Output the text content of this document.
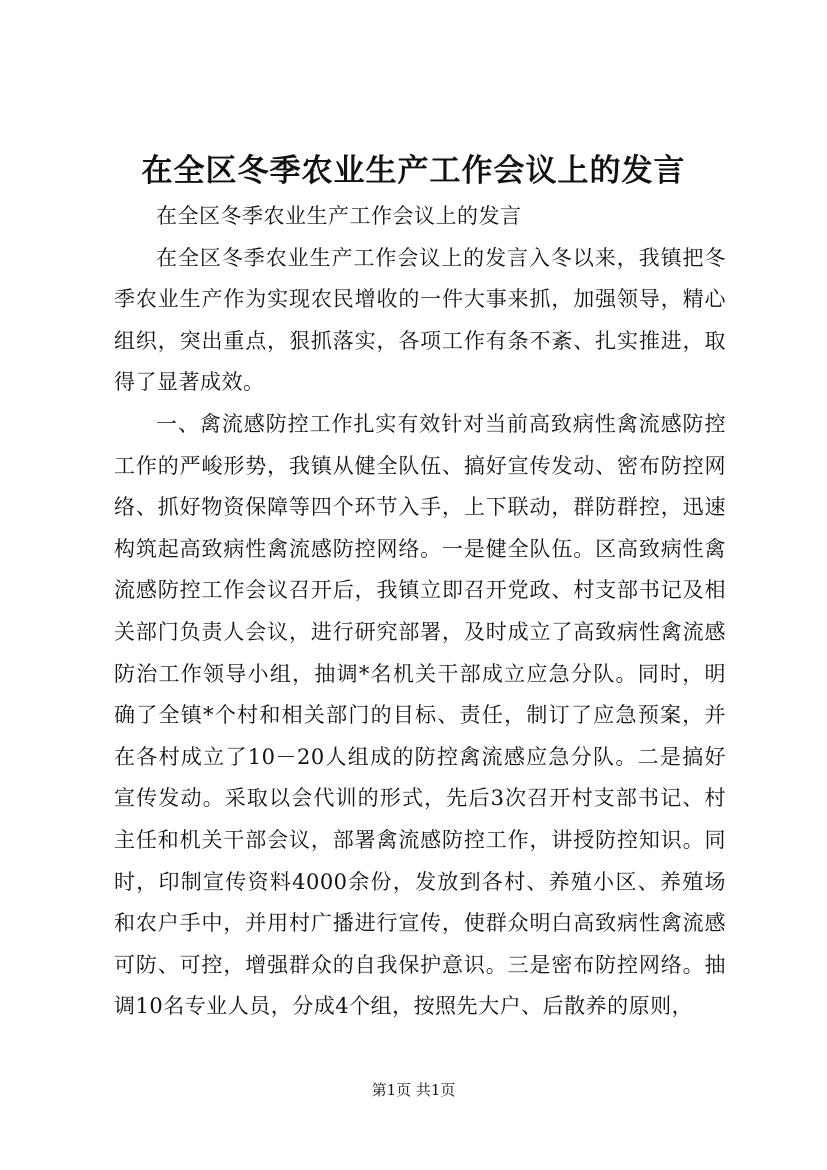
在全区冬季农业生产工作会议上的发言

在全区冬季农业生产工作会议上的发言

在全区冬季农业生产工作会议上的发言入冬以来，我镇把冬季农业生产作为实现农民增收的一件大事来抓，加强领导，精心组织，突出重点，狠抓落实，各项工作有条不紊、扎实推进，取得了显著成效。

一、禽流感防控工作扎实有效针对当前高致病性禽流感防控工作的严峻形势，我镇从健全队伍、搞好宣传发动、密布防控网络、抓好物资保障等四个环节入手，上下联动，群防群控，迅速构筑起高致病性禽流感防控网络。一是健全队伍。区高致病性禽流感防控工作会议召开后，我镇立即召开党政、村支部书记及相关部门负责人会议，进行研究部署，及时成立了高致病性禽流感防治工作领导小组，抽调*名机关干部成立应急分队。同时，明确了全镇*个村和相关部门的目标、责任，制订了应急预案，并在各村成立了10－20人组成的防控禽流感应急分队。二是搞好宣传发动。采取以会代训的形式，先后3次召开村支部书记、村主任和机关干部会议，部署禽流感防控工作，讲授防控知识。同时，印制宣传资料4000余份，发放到各村、养殖小区、养殖场和农户手中，并用村广播进行宣传，使群众明白高致病性禽流感可防、可控，增强群众的自我保护意识。三是密布防控网络。抽调10名专业人员，分成4个组，按照先大户、后散养的原则，

第1页 共1页
